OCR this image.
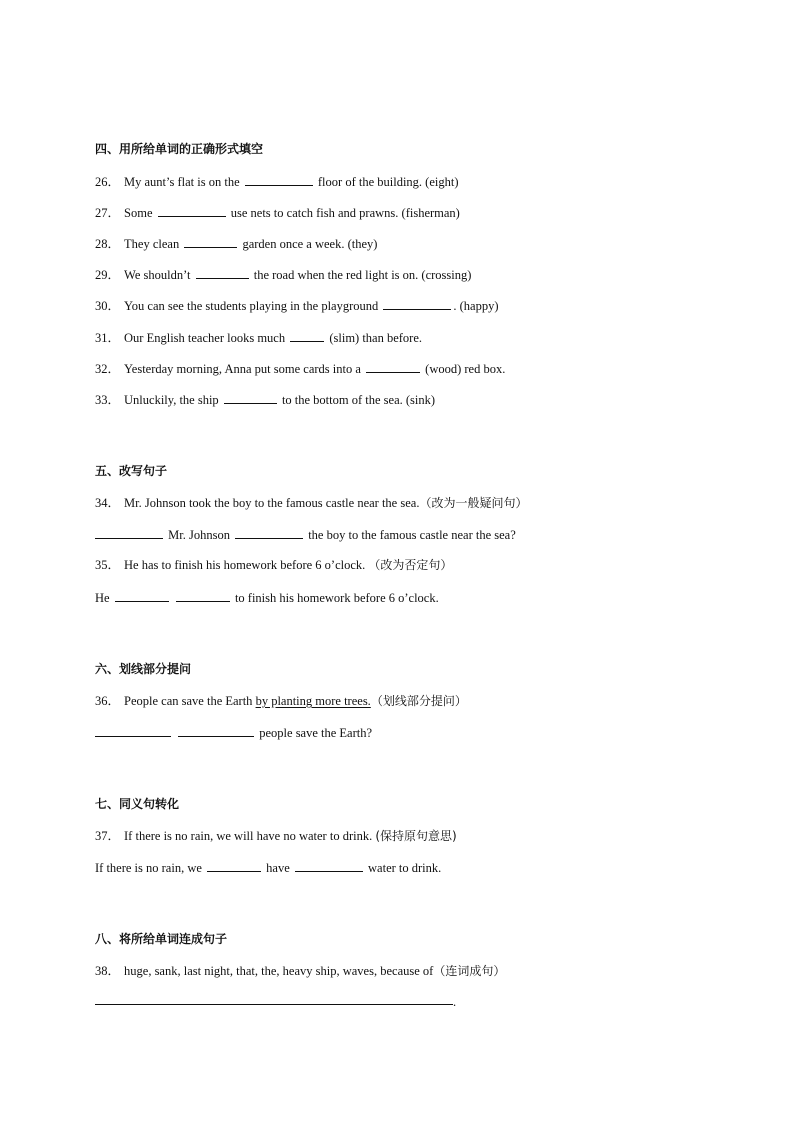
四、用所给单词的正确形式填空
26． My aunt’s flat is on the	floor of the building. (eight)
27． Some	use nets to catch fish and prawns. (fisherman)
28． They clean	garden once a week. (they)
29． We shouldn’t	the road when the red light is on. (crossing)
30． You can see the students playing in the playground	. (happy)
31． Our English teacher looks much	(slim) than before.
32． Yesterday morning, Anna put some cards into a	(wood) red box.
33． Unluckily, the ship	to the bottom of the sea. (sink)
五、改写句子
34． Mr. Johnson took the boy to the famous castle near the sea.（改为一般疑问句）
Mr. Johnson	the boy to the famous castle near the sea?
35． He has to finish his homework before 6 o’clock. （改为否定句）
He	to finish his homework before 6 o’clock.
六、划线部分提问
36． People can save the Earth by planting more trees.（划线部分提问）
people save the Earth?
七、同义句转化
37． If there is no rain, we will have no water to drink. (保持原句意思)
If there is no rain, we	have	water to drink.
八、将所给单词连成句子
38． huge, sank, last night, that, the, heavy ship, waves, because of（连词成句）
.
